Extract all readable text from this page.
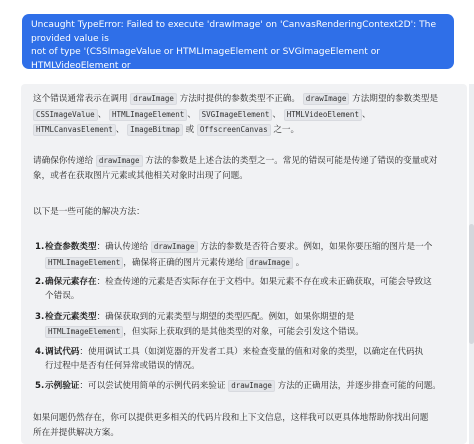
Uncaught TypeError: Failed to execute 'drawImage' on 'CanvasRenderingContext2D': The provided value is
not of type '(CSSImageValue or HTMLImageElement or SVGImageElement or HTMLVideoElement or
HTMLCanvasElement or ImageBitmap or OffscreenCanvas)'
这个错误通常表示在调用 drawImage 方法时提供的参数类型不正确。 drawImage 方法期望的参数类型是
CSSImageValue 、 HTMLImageElement 、 SVGImageElement 、 HTMLVideoElement 、
HTMLCanvasElement 、 ImageBitmap 或 OffscreenCanvas 之一。
请确保你传递给 drawImage 方法的参数是上述合法的类型之一。常见的错误可能是传递了错误的变量或对
象，或者在获取图片元素或其他相关对象时出现了问题。
以下是一些可能的解决方法：
1.检查参数类型：确认传递给 drawImage 方法的参数是否符合要求。例如，如果你要压缩的图片是一个
HTMLImageElement ，确保将正确的图片元素传递给 drawImage 。
2.确保元素存在：检查传递的元素是否实际存在于文档中。如果元素不存在或未正确获取，可能会导致这
个错误。
3.检查元素类型：确保获取到的元素类型与期望的类型匹配。例如，如果你期望的是
HTMLImageElement ，但实际上获取到的是其他类型的对象，可能会引发这个错误。
4.调试代码：使用调试工具（如浏览器的开发者工具）来检查变量的值和对象的类型，以确定在代码执
行过程中是否有任何异常或错误的情况。
5.示例验证：可以尝试使用简单的示例代码来验证 drawImage 方法的正确用法，并逐步排查可能的问题。
如果问题仍然存在，你可以提供更多相关的代码片段和上下文信息，这样我可以更具体地帮助你找出问题
所在并提供解决方案。
